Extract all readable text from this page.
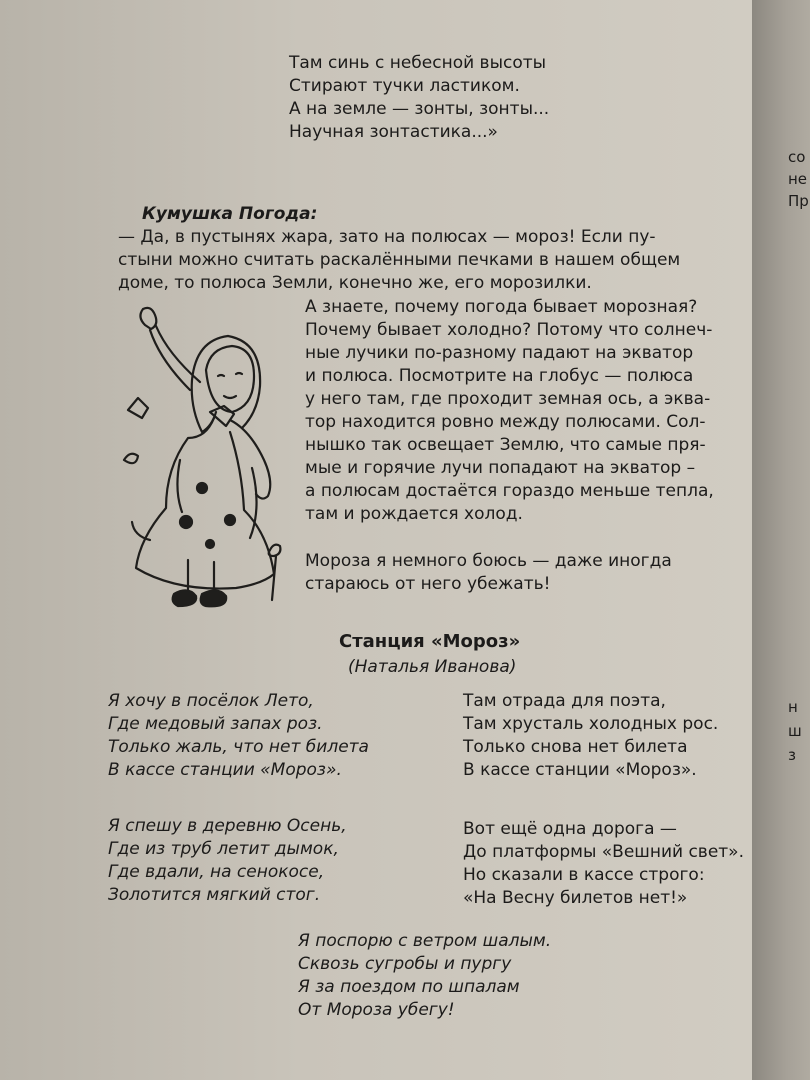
Там синь с небесной высоты
Стирают тучки ластиком.
А на земле — зонты, зонты...
Научная зонтастика...»
Кумушка Погода:
— Да, в пустынях жара, зато на полюсах — мороз! Если пу-
стыни можно считать раскалёнными печками в нашем общем
доме, то полюса Земли, конечно же, его морозилки.
А знаете, почему погода бывает морозная?
Почему бывает холодно? Потому что солнеч-
ные лучики по-разному падают на экватор
и полюса. Посмотрите на глобус — полюса
у него там, где проходит земная ось, а эква-
тор находится ровно между полюсами. Сол-
нышко так освещает Землю, что самые пря-
мые и горячие лучи попадают на экватор –
а полюсам достаётся гораздо меньше тепла,
там и рождается холод.
Мороза я немного боюсь — даже иногда
стараюсь от него убежать!
Станция «Мороз»
(Наталья Иванова)
Я хочу в посёлок Лето,
Где медовый запах роз.
Только жаль, что нет билета
В кассе станции «Мороз».
Там отрада для поэта,
Там хрусталь холодных рос.
Только снова нет билета
В кассе станции «Мороз».
Я спешу в деревню Осень,
Где из труб летит дымок,
Где вдали, на сенокосе,
Золотится мягкий стог.
Вот ещё одна дорога —
До платформы «Вешний свет».
Но сказали в кассе строго:
«На Весну билетов нет!»
Я поспорю с ветром шалым.
Сквозь сугробы и пургу
Я за поездом по шпалам
От Мороза убегу!
со
не
Пр
н
ш
з
